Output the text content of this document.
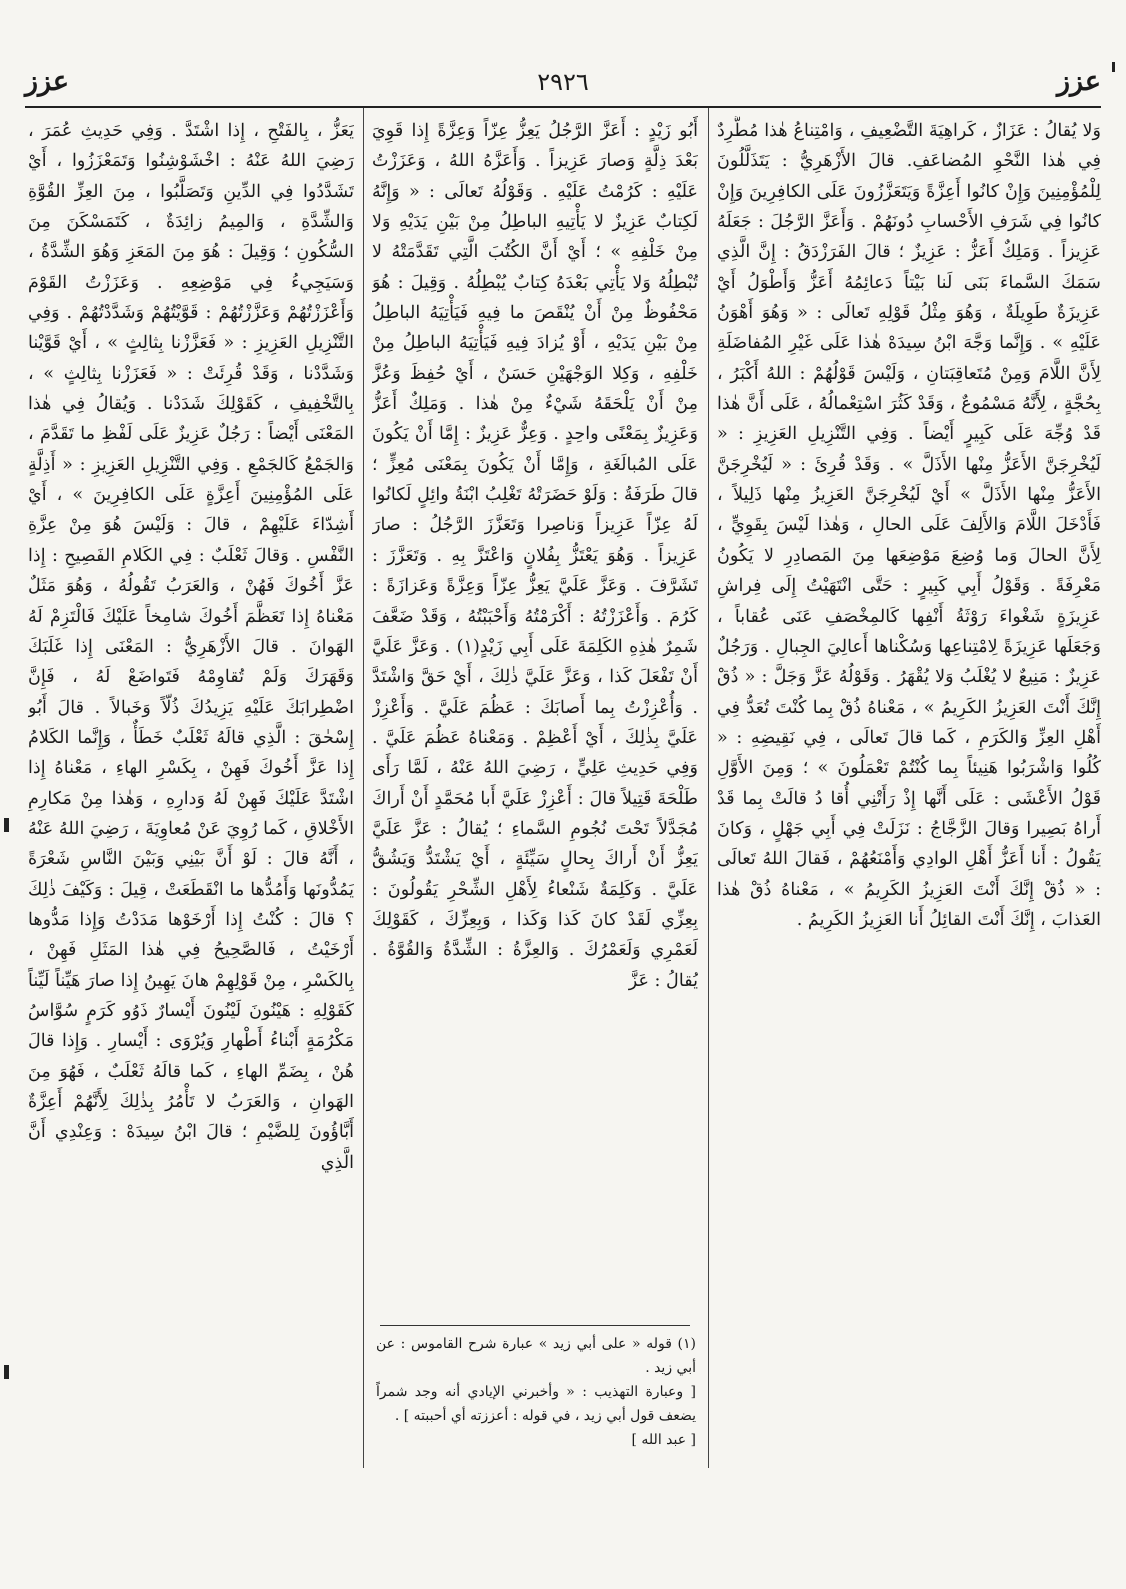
عزز
٢٩٢٦
عزز

وَلا يُقالُ : عَزَازٌ ، كَراهِيَةَ التَّضْعِيفِ ، وَامْتِناعُ هٰذا مُطَّرِدٌ فِي هٰذا النَّحْوِ المُضاعَفِ. قالَ الأَزْهَرِيُّ : يَتَذَلَّلُونَ لِلْمُؤْمِنِينَ وَإِنْ كانُوا أَعِزَّةً وَيَتَعَزَّزُونَ عَلَى الكافِرِينَ وَإِنْ كانُوا فِي شَرَفِ الأَحْسابِ دُونَهُمْ . وَأَعَزَّ الرَّجُلَ : جَعَلَهُ عَزِيزاً . وَمَلِكٌ أَعَزُّ : عَزِيزٌ ؛ قالَ الفَرَزْدَقُ : إِنَّ الَّذِي سَمَكَ السَّماءَ بَنَى لَنا بَيْتاً دَعائِمُهُ أَعَزُّ وَأَطْوَلُ أَيْ عَزِيزَةٌ طَوِيلَةٌ ، وَهُوَ مِثْلُ قَوْلِهِ تَعالَى : « وَهُوَ أَهْوَنُ عَلَيْهِ » . وَإِنَّما وَجَّهَ ابْنُ سِيدَهْ هٰذا عَلَى غَيْرِ المُفاضَلَةِ لِأَنَّ اللَّامَ وَمِنْ مُتَعاقِبَتانِ ، وَلَيْسَ قَوْلُهُمْ : اللهُ أَكْبَرُ ، بِحُجَّةٍ ، لِأَنَّهُ مَسْمُوعٌ ، وَقَدْ كَثُرَ اسْتِعْمالُهُ ، عَلَى أَنَّ هٰذا قَدْ وُجِّهَ عَلَى كَبِيرٍ أَيْضاً . وَفِي التَّنْزِيلِ العَزِيزِ : « لَيُخْرِجَنَّ الأَعَزُّ مِنْها الأَذَلَّ » . وَقَدْ قُرِئَ : « لَيُخْرِجَنَّ الأَعَزُّ مِنْها الأَذَلَّ » أَيْ لَيُخْرِجَنَّ العَزِيزُ مِنْها ذَلِيلاً ، فَأَدْخَلَ اللَّامَ وَالأَلِفَ عَلَى الحالِ ، وَهٰذا لَيْسَ بِقَوِيٍّ ، لِأَنَّ الحالَ وَما وُضِعَ مَوْضِعَها مِنَ المَصادِرِ لا يَكُونُ مَعْرِفَةً . وَقَوْلُ أَبِي كَبِيرٍ : حَتَّى انْتَهَيْتُ إِلَى فِراشِ عَزِيزَةٍ شَغْواءَ رَوْثَةُ أَنْفِها كَالمِخْصَفِ عَنَى عُقاباً ، وَجَعَلَها عَزِيزَةً لِامْتِناعِها وَسُكْناها أَعالِيَ الجِبالِ . وَرَجُلٌ عَزِيزٌ : مَنِيعٌ لا يُغْلَبُ وَلا يُقْهَرُ . وَقَوْلُهُ عَزَّ وَجَلَّ : « ذُقْ إِنَّكَ أَنْتَ العَزِيزُ الكَرِيمُ » ، مَعْناهُ ذُقْ بِما كُنْتَ تُعَدُّ فِي أَهْلِ العِزِّ وَالكَرَمِ ، كَما قالَ تَعالَى ، فِي نَقِيضِهِ : « كُلُوا وَاشْرَبُوا هَنِيئاً بِما كُنْتُمْ تَعْمَلُونَ » ؛ وَمِنَ الأَوَّلِ قَوْلُ الأَعْشَى : عَلَى أَنَّها إِذْ رَأَتْنِي أُقا دُ قالَتْ بِما قَدْ أَراهُ بَصِيرا وَقالَ الزَّجَّاجُ : نَزَلَتْ فِي أَبِي جَهْلٍ ، وَكانَ يَقُولُ : أَنا أَعَزُّ أَهْلِ الوادِي وَأَمْنَعُهُمْ ، فَقالَ اللهُ تَعالَى : « ذُقْ إِنَّكَ أَنْتَ العَزِيزُ الكَرِيمُ » ، مَعْناهُ ذُقْ هٰذا العَذابَ ، إِنَّكَ أَنْتَ القائِلُ أَنا العَزِيزُ الكَرِيمُ .

أَبُو زَيْدٍ : أَعَزَّ الرَّجُلُ يَعِزُّ عِزّاً وَعِزَّةً إِذا قَوِيَ بَعْدَ ذِلَّةٍ وَصارَ عَزِيزاً . وَأَعَزَّهُ اللهُ ، وَعَزَزْتُ عَلَيْهِ : كَرُمْتُ عَلَيْهِ . وَقَوْلُهُ تَعالَى : « وَإِنَّهُ لَكِتابٌ عَزِيزٌ لا يَأْتِيهِ الباطِلُ مِنْ بَيْنِ يَدَيْهِ وَلا مِنْ خَلْفِهِ » ؛ أَيْ أَنَّ الكُتُبَ الَّتِي تَقَدَّمَتْهُ لا تُبْطِلُهُ وَلا يَأْتِي بَعْدَهُ كِتابٌ يُبْطِلُهُ . وَقِيلَ : هُوَ مَحْفُوظٌ مِنْ أَنْ يُنْقَصَ ما فِيهِ فَيَأْتِيَهُ الباطِلُ مِنْ بَيْنِ يَدَيْهِ ، أَوْ يُزادَ فِيهِ فَيَأْتِيَهُ الباطِلُ مِنْ خَلْفِهِ ، وَكِلا الوَجْهَيْنِ حَسَنٌ ، أَيْ حُفِظَ وَعُزَّ مِنْ أَنْ يَلْحَقَهُ شَيْءٌ مِنْ هٰذا . وَمَلِكٌ أَعَزُّ وَعَزِيزٌ بِمَعْنًى واحِدٍ . وَعِزٌّ عَزِيزٌ : إِمَّا أَنْ يَكُونَ عَلَى المُبالَغَةِ ، وَإِمَّا أَنْ يَكُونَ بِمَعْنَى مُعِزٍّ ؛ قالَ طَرَفَةُ : وَلَوْ حَضَرَتْهُ تَغْلِبُ ابْنَةُ وائِلٍ لَكانُوا لَهُ عِزّاً عَزِيزاً وَناصِرا وَتَعَزَّزَ الرَّجُلُ : صارَ عَزِيزاً . وَهُوَ يَعْتَزُّ بِفُلانٍ وَاعْتَزَّ بِهِ . وَتَعَزَّزَ : تَشَرَّفَ . وَعَزَّ عَلَيَّ يَعِزُّ عِزّاً وَعِزَّةً وَعَزازَةً : كَرُمَ . وَأَعْزَزْتُهُ : أَكْرَمْتُهُ وَأَحْبَبْتُهُ ، وَقَدْ ضَعَّفَ شَمِرٌ هٰذِهِ الكَلِمَةَ عَلَى أَبِي زَيْدٍ(١) . وَعَزَّ عَلَيَّ أَنْ تَفْعَلَ كَذا ، وَعَزَّ عَلَيَّ ذٰلِكَ ، أَيْ حَقَّ وَاشْتَدَّ . وَأُعْزِزْتُ بِما أَصابَكَ : عَظُمَ عَلَيَّ . وَأَعْزِزْ عَلَيَّ بِذٰلِكَ ، أَيْ أَعْظِمْ . وَمَعْناهُ عَظُمَ عَلَيَّ . وَفِي حَدِيثِ عَلِيٍّ ، رَضِيَ اللهُ عَنْهُ ، لَمَّا رَأَى طَلْحَةَ قَتِيلاً قالَ : أَعْزِزْ عَلَيَّ أَبا مُحَمَّدٍ أَنْ أَراكَ مُجَدَّلاً تَحْتَ نُجُومِ السَّماءِ ؛ يُقالُ : عَزَّ عَلَيَّ يَعِزُّ أَنْ أَراكَ بِحالٍ سَيِّئَةٍ ، أَيْ يَشْتَدُّ وَيَشُقُّ عَلَيَّ . وَكَلِمَةٌ شَنْعاءُ لِأَهْلِ الشِّحْرِ يَقُولُونَ : بِعِزِّي لَقَدْ كانَ كَذا وَكَذا ، وَبِعِزِّكَ ، كَقَوْلِكَ لَعَمْرِي وَلَعَمْرُكَ . وَالعِزَّةُ : الشِّدَّةُ وَالقُوَّةُ . يُقالُ : عَزَّ

يَعَزُّ ، بِالفَتْحِ ، إِذا اشْتَدَّ . وَفِي حَدِيثِ عُمَرَ ، رَضِيَ اللهُ عَنْهُ : اخْشَوْشِنُوا وَتَمَعْزَزُوا ، أَيْ تَشَدَّدُوا فِي الدِّينِ وَتَصَلَّبُوا ، مِنَ العِزِّ القُوَّةِ وَالشِّدَّةِ ، وَالمِيمُ زائِدَةٌ ، كَتَمَسْكَنَ مِنَ السُّكُونِ ؛ وَقِيلَ : هُوَ مِنَ المَعَزِ وَهُوَ الشِّدَّةُ ، وَسَيَجِيءُ فِي مَوْضِعِهِ . وَعَزَزْتُ القَوْمَ وَأَعْزَزْتُهُمْ وَعَزَّزْتُهُمْ : قَوَّيْتُهُمْ وَشَدَّدْتُهُمْ . وَفِي التَّنْزِيلِ العَزِيزِ : « فَعَزَّزْنا بِثالِثٍ » ، أَيْ قَوَّيْنا وَشَدَّدْنا ، وَقَدْ قُرِئَتْ : « فَعَزَزْنا بِثالِثٍ » ، بِالتَّخْفِيفِ ، كَقَوْلِكَ شَدَدْنا . وَيُقالُ فِي هٰذا المَعْنَى أَيْضاً : رَجُلٌ عَزِيزٌ عَلَى لَفْظِ ما تَقَدَّمَ ، وَالجَمْعُ كَالجَمْعِ . وَفِي التَّنْزِيلِ العَزِيزِ : « أَذِلَّةٍ عَلَى المُؤْمِنِينَ أَعِزَّةٍ عَلَى الكافِرِينَ » ، أَيْ أَشِدّاءَ عَلَيْهِمْ ، قالَ : وَلَيْسَ هُوَ مِنْ عِزَّةِ النَّفْسِ . وَقالَ ثَعْلَبٌ : فِي الكَلامِ الفَصِيحِ : إِذا عَزَّ أَخُوكَ فَهُنْ ، وَالعَرَبُ تَقُولُهُ ، وَهُوَ مَثَلٌ مَعْناهُ إِذا تَعَظَّمَ أَخُوكَ شامِخاً عَلَيْكَ فَالْتَزِمْ لَهُ الهَوانَ . قالَ الأَزْهَرِيُّ : المَعْنَى إِذا غَلَبَكَ وَقَهَرَكَ وَلَمْ تُقاوِمْهُ فَتَواضَعْ لَهُ ، فَإِنَّ اضْطِرابَكَ عَلَيْهِ يَزِيدُكَ ذُلّاً وَخَبالاً . قالَ أَبُو إِسْحٰقَ : الَّذِي قالَهُ ثَعْلَبٌ خَطَأٌ ، وَإِنَّما الكَلامُ إِذا عَزَّ أَخُوكَ فَهِنْ ، بِكَسْرِ الهاءِ ، مَعْناهُ إِذا اشْتَدَّ عَلَيْكَ فَهِنْ لَهُ وَدارِهِ ، وَهٰذا مِنْ مَكارِمِ الأَخْلاقِ ، كَما رُوِيَ عَنْ مُعاوِيَةَ ، رَضِيَ اللهُ عَنْهُ ، أَنَّهُ قالَ : لَوْ أَنَّ بَيْنِي وَبَيْنَ النَّاسِ شَعْرَةً يَمُدُّونَها وَأَمُدُّها ما انْقَطَعَتْ ، قِيلَ : وَكَيْفَ ذٰلِكَ ؟ قالَ : كُنْتُ إِذا أَرْخَوْها مَدَدْتُ وَإِذا مَدُّوها أَرْخَيْتُ ، فَالصَّحِيحُ فِي هٰذا المَثَلِ فَهِنْ ، بِالكَسْرِ ، مِنْ قَوْلِهِمْ هانَ يَهِينُ إِذا صارَ هَيِّناً لَيِّناً كَقَوْلِهِ : هَيْنُونَ لَيْنُونَ أَيْسارٌ ذَوُو كَرَمٍ سُوَّاسُ مَكْرُمَةٍ أَبْناءُ أَطْهارِ وَيُرْوَى : أَيْسارِ . وَإِذا قالَ هُنْ ، بِضَمِّ الهاءِ ، كَما قالَهُ ثَعْلَبٌ ، فَهُوَ مِنَ الهَوانِ ، وَالعَرَبُ لا تَأْمُرُ بِذٰلِكَ لِأَنَّهُمْ أَعِزَّةٌ أَبَّاؤُونَ لِلضَّيْمِ ؛ قالَ ابْنُ سِيدَهْ : وَعِنْدِي أَنَّ الَّذِي

(١) قوله « على أبي زيد » عبارة شرح القاموس : عن أبي زيد .

[ وعبارة التهذيب : « وأخبرني الإيادي أنه وجد شمراً يضعف قول أبي زيد ، في قوله : أعززته أي أحببته ] .

[ عبد الله ]
